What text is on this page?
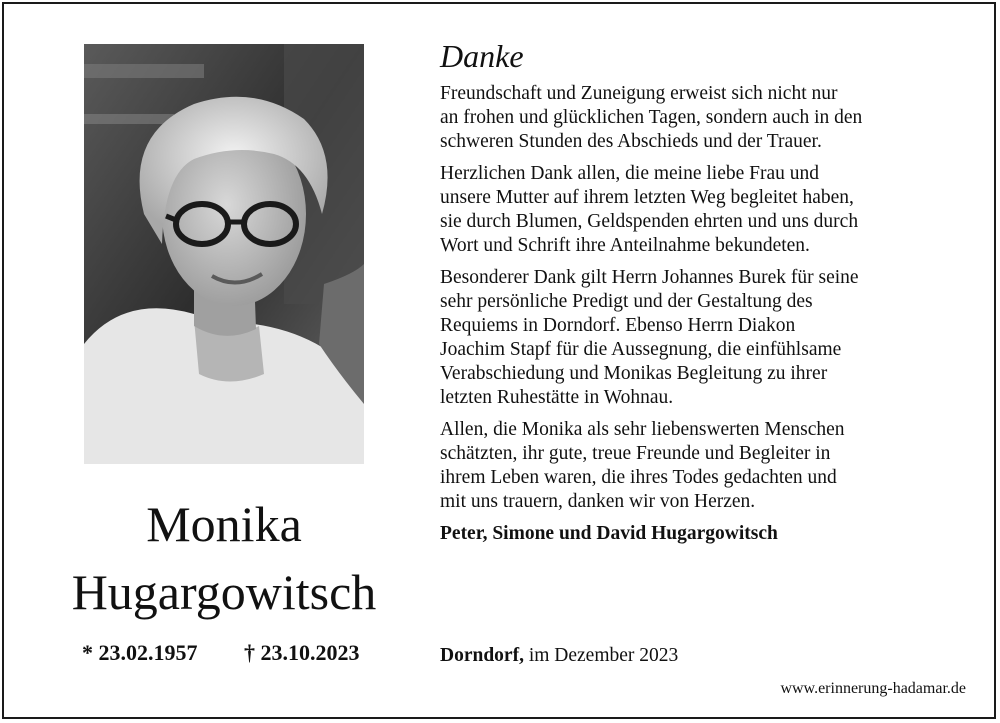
Monika
Hugargowitsch
* 23.02.1957 † 23.10.2023
Danke

Freundschaft und Zuneigung erweist sich nicht nur
an frohen und glücklichen Tagen, sondern auch in den
schweren Stunden des Abschieds und der Trauer.

Herzlichen Dank allen, die meine liebe Frau und
unsere Mutter auf ihrem letzten Weg begleitet haben,
sie durch Blumen, Geldspenden ehrten und uns durch
Wort und Schrift ihre Anteilnahme bekundeten.

Besonderer Dank gilt Herrn Johannes Burek für seine
sehr persönliche Predigt und der Gestaltung des
Requiems in Dorndorf. Ebenso Herrn Diakon
Joachim Stapf für die Aussegnung, die einfühlsame
Verabschiedung und Monikas Begleitung zu ihrer
letzten Ruhestätte in Wohnau.

Allen, die Monika als sehr liebenswerten Menschen
schätzten, ihr gute, treue Freunde und Begleiter in
ihrem Leben waren, die ihres Todes gedachten und
mit uns trauern, danken wir von Herzen.

Peter, Simone und David Hugargowitsch
Dorndorf, im Dezember 2023
www.erinnerung-hadamar.de
